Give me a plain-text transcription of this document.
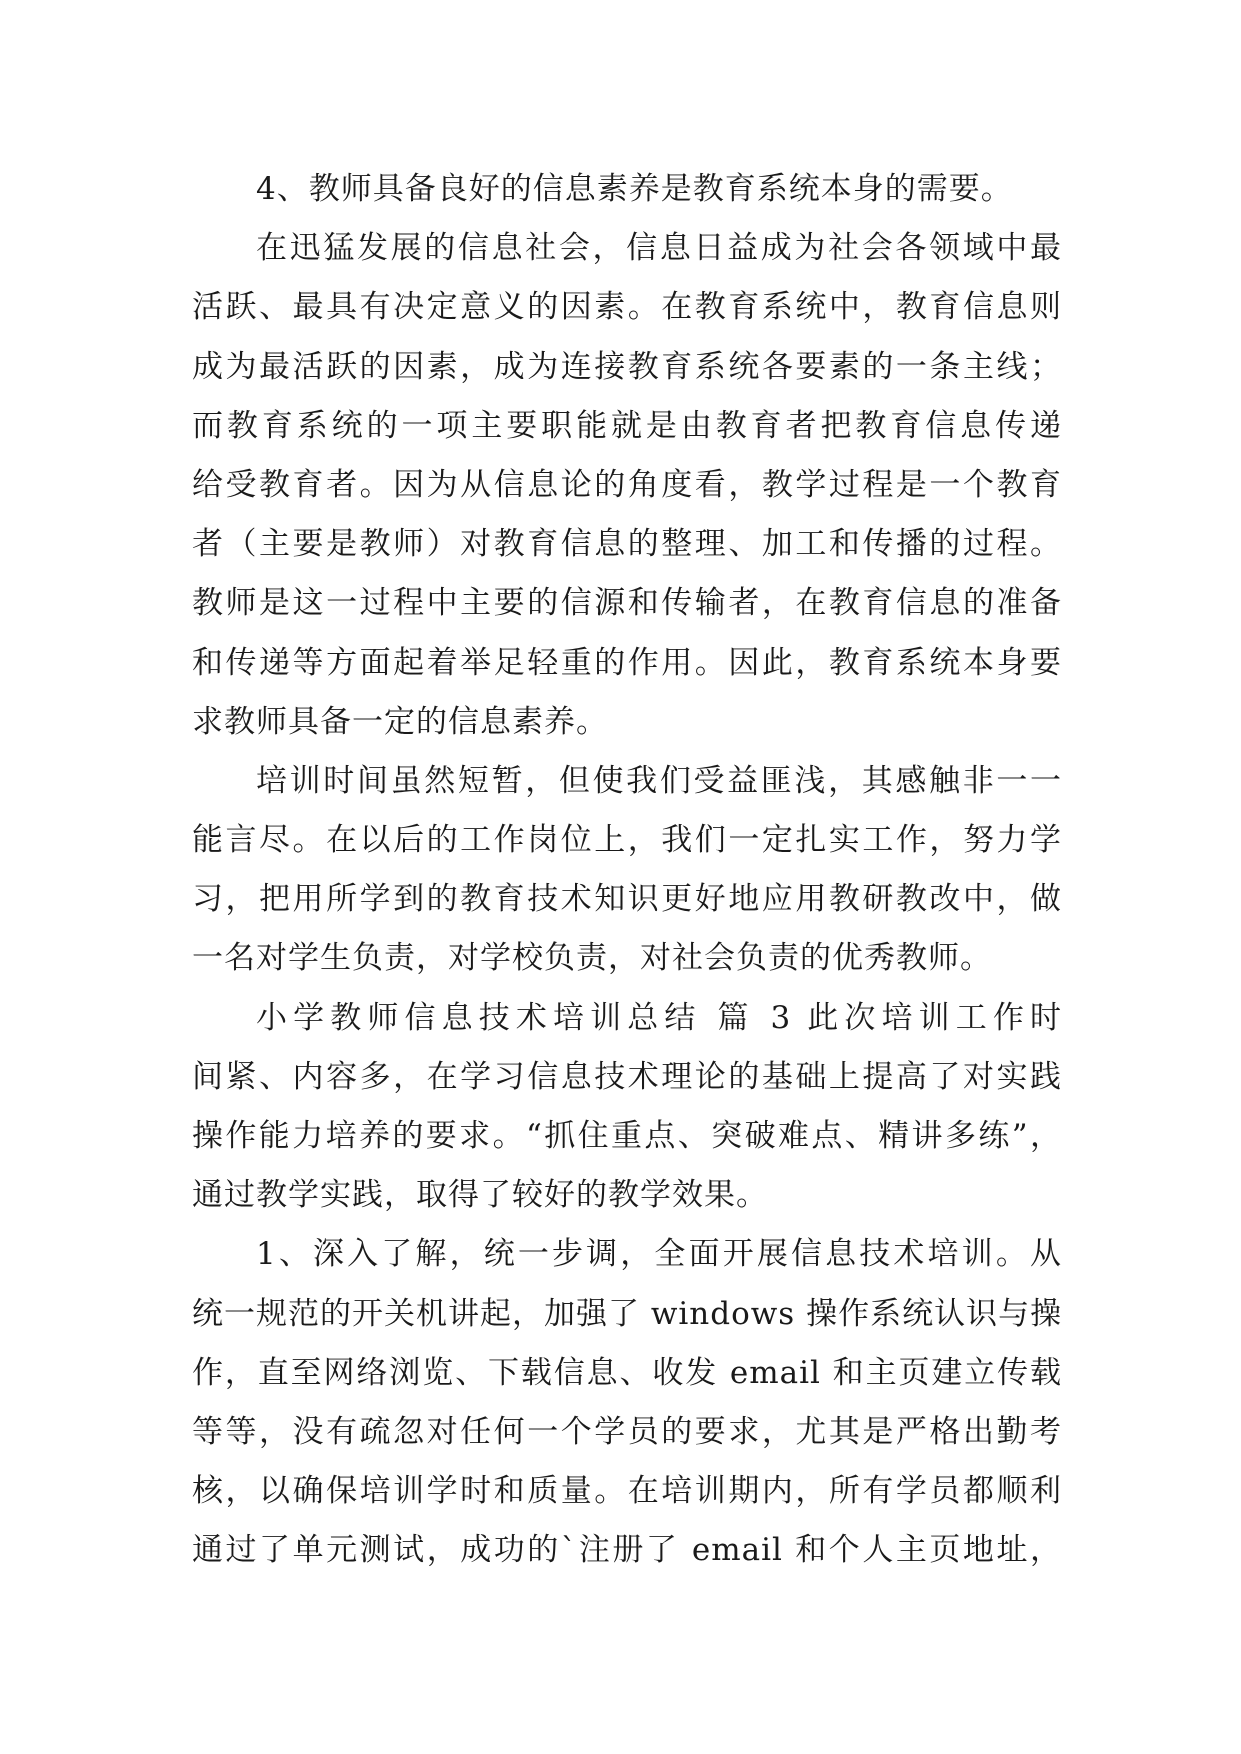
4、教师具备良好的信息素养是教育系统本身的需要。
在迅猛发展的信息社会，信息日益成为社会各领域中最
活跃、最具有决定意义的因素。在教育系统中，教育信息则
成为最活跃的因素，成为连接教育系统各要素的一条主线；
而教育系统的一项主要职能就是由教育者把教育信息传递
给受教育者。因为从信息论的角度看，教学过程是一个教育
者（主要是教师）对教育信息的整理、加工和传播的过程。
教师是这一过程中主要的信源和传输者，在教育信息的准备
和传递等方面起着举足轻重的作用。因此，教育系统本身要
求教师具备一定的信息素养。
培训时间虽然短暂，但使我们受益匪浅，其感触非一一
能言尽。在以后的工作岗位上，我们一定扎实工作，努力学
习，把用所学到的教育技术知识更好地应用教研教改中，做
一名对学生负责，对学校负责，对社会负责的优秀教师。
小学教师信息技术培训总结 篇 3 此次培训工作时
间紧、内容多，在学习信息技术理论的基础上提高了对实践
操作能力培养的要求。“抓住重点、突破难点、精讲多练”，
通过教学实践，取得了较好的教学效果。
1、深入了解，统一步调，全面开展信息技术培训。从
统一规范的开关机讲起，加强了 windows 操作系统认识与操
作，直至网络浏览、下载信息、收发 email 和主页建立传载
等等，没有疏忽对任何一个学员的要求，尤其是严格出勤考
核，以确保培训学时和质量。在培训期内，所有学员都顺利
通过了单元测试，成功的`注册了 email 和个人主页地址，
